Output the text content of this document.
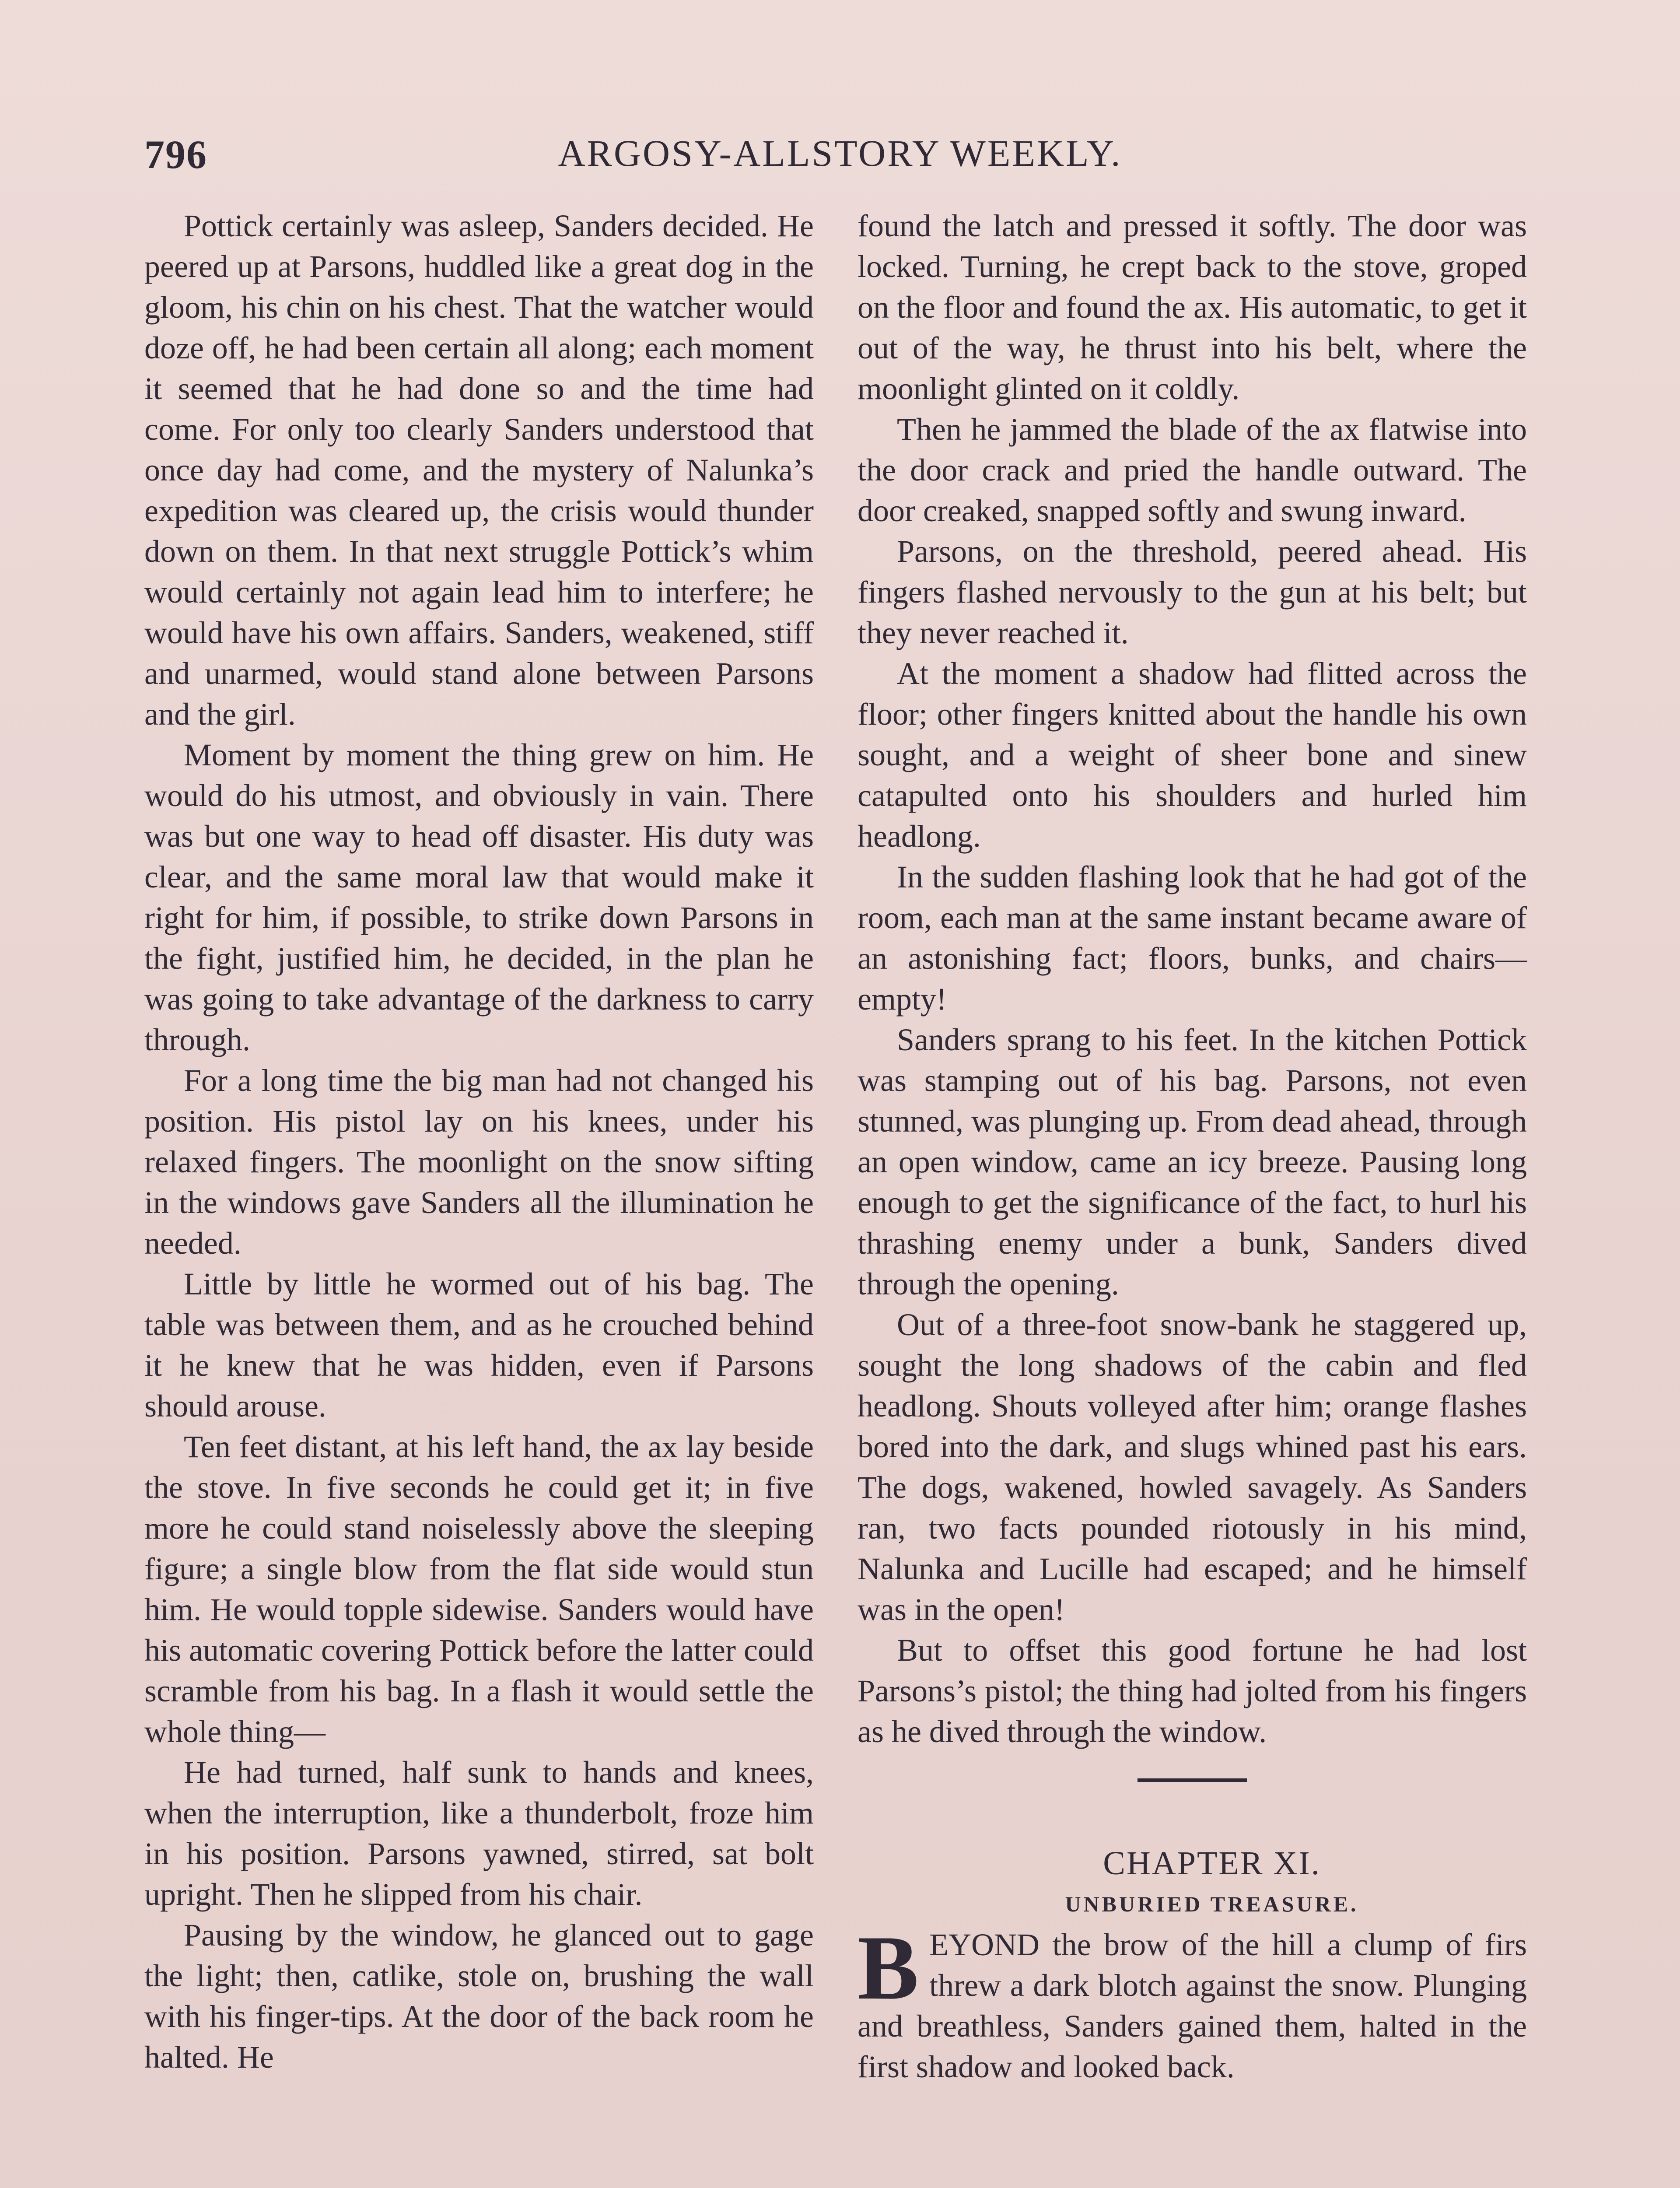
796	ARGOSY-ALLSTORY WEEKLY.

Pottick certainly was asleep, Sanders decided. He peered up at Parsons, huddled like a great dog in the gloom, his chin on his chest. That the watcher would doze off, he had been certain all along; each moment it seemed that he had done so and the time had come. For only too clearly Sanders understood that once day had come, and the mystery of Nalunka’s expedition was cleared up, the crisis would thunder down on them. In that next struggle Pottick’s whim would certainly not again lead him to interfere; he would have his own affairs. Sanders, weakened, stiff and unarmed, would stand alone between Parsons and the girl.

Moment by moment the thing grew on him. He would do his utmost, and obviously in vain. There was but one way to head off disaster. His duty was clear, and the same moral law that would make it right for him, if possible, to strike down Parsons in the fight, justified him, he decided, in the plan he was going to take advantage of the darkness to carry through.

For a long time the big man had not changed his position. His pistol lay on his knees, under his relaxed fingers. The moonlight on the snow sifting in the windows gave Sanders all the illumination he needed.

Little by little he wormed out of his bag. The table was between them, and as he crouched behind it he knew that he was hidden, even if Parsons should arouse.

Ten feet distant, at his left hand, the ax lay beside the stove. In five seconds he could get it; in five more he could stand noiselessly above the sleeping figure; a single blow from the flat side would stun him. He would topple sidewise. Sanders would have his automatic covering Pottick before the latter could scramble from his bag. In a flash it would settle the whole thing—

He had turned, half sunk to hands and knees, when the interruption, like a thunderbolt, froze him in his position. Parsons yawned, stirred, sat bolt upright. Then he slipped from his chair.

Pausing by the window, he glanced out to gage the light; then, catlike, stole on, brushing the wall with his finger-tips. At the door of the back room he halted. He

found the latch and pressed it softly. The door was locked. Turning, he crept back to the stove, groped on the floor and found the ax. His automatic, to get it out of the way, he thrust into his belt, where the moonlight glinted on it coldly.

Then he jammed the blade of the ax flatwise into the door crack and pried the handle outward. The door creaked, snapped softly and swung inward.

Parsons, on the threshold, peered ahead. His fingers flashed nervously to the gun at his belt; but they never reached it.

At the moment a shadow had flitted across the floor; other fingers knitted about the handle his own sought, and a weight of sheer bone and sinew catapulted onto his shoulders and hurled him headlong.

In the sudden flashing look that he had got of the room, each man at the same instant became aware of an astonishing fact; floors, bunks, and chairs—empty!

Sanders sprang to his feet. In the kitchen Pottick was stamping out of his bag. Parsons, not even stunned, was plunging up. From dead ahead, through an open window, came an icy breeze. Pausing long enough to get the significance of the fact, to hurl his thrashing enemy under a bunk, Sanders dived through the opening.

Out of a three-foot snow-bank he staggered up, sought the long shadows of the cabin and fled headlong. Shouts volleyed after him; orange flashes bored into the dark, and slugs whined past his ears. The dogs, wakened, howled savagely. As Sanders ran, two facts pounded riotously in his mind, Nalunka and Lucille had escaped; and he himself was in the open!

But to offset this good fortune he had lost Parsons’s pistol; the thing had jolted from his fingers as he dived through the window.

CHAPTER XI.

UNBURIED TREASURE.

BEYOND the brow of the hill a clump of firs threw a dark blotch against the snow. Plunging and breathless, Sanders gained them, halted in the first shadow and looked back.
